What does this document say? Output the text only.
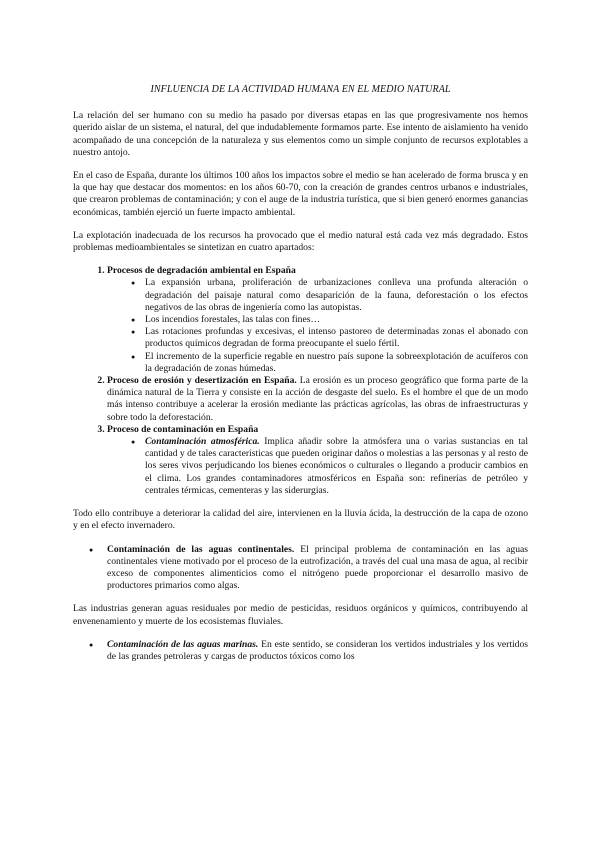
INFLUENCIA DE LA ACTIVIDAD HUMANA EN EL MEDIO NATURAL

La relación del ser humano con su medio ha pasado por diversas etapas en las que progresivamente nos hemos querido aislar de un sistema, el natural, del que indudablemente formamos parte. Ese intento de aislamiento ha venido acompañado de una concepción de la naturaleza y sus elementos como un simple conjunto de recursos explotables a nuestro antojo.

En el caso de España, durante los últimos 100 años los impactos sobre el medio se han acelerado de forma brusca y en la que hay que destacar dos momentos: en los años 60-70, con la creación de grandes centros urbanos e industriales, que crearon problemas de contaminación; y con el auge de la industria turística, que si bien generó enormes ganancias económicas, también ejerció un fuerte impacto ambiental.

La explotación inadecuada de los recursos ha provocado que el medio natural está cada vez más degradado. Estos problemas medioambientales se sintetizan en cuatro apartados:

1. Procesos de degradación ambiental en España
● La expansión urbana, proliferación de urbanizaciones conlleva una profunda alteración o degradación del paisaje natural como desaparición de la fauna, deforestación o los efectos negativos de las obras de ingeniería como las autopistas.
● Los incendios forestales, las talas con fines…
● Las rotaciones profundas y excesivas, el intenso pastoreo de determinadas zonas el abonado con productos químicos degradan de forma preocupante el suelo fértil.
● El incremento de la superficie regable en nuestro país supone la sobreexplotación de acuíferos con la degradación de zonas húmedas.
2. Proceso de erosión y desertización en España. La erosión es un proceso geográfico que forma parte de la dinámica natural de la Tierra y consiste en la acción de desgaste del suelo. Es el hombre el que de un modo más intenso contribuye a acelerar la erosión mediante las prácticas agrícolas, las obras de infraestructuras y sobre todo la deforestación.
3. Proceso de contaminación en España
● Contaminación atmosférica. Implica añadir sobre la atmósfera una o varias sustancias en tal cantidad y de tales características que pueden originar daños o molestias a las personas y al resto de los seres vivos perjudicando los bienes económicos o culturales o llegando a producir cambios en el clima. Los grandes contaminadores atmosféricos en España son: refinerías de petróleo y centrales térmicas, cementeras y las siderurgias.

Todo ello contribuye a deteriorar la calidad del aire, intervienen en la lluvia ácida, la destrucción de la capa de ozono y en el efecto invernadero.

● Contaminación de las aguas continentales. El principal problema de contaminación en las aguas continentales viene motivado por el proceso de la eutrofización, a través del cual una masa de agua, al recibir exceso de componentes alimenticios como el nitrógeno puede proporcionar el desarrollo masivo de productores primarios como algas.

Las industrias generan aguas residuales por medio de pesticidas, residuos orgánicos y químicos, contribuyendo al envenenamiento y muerte de los ecosistemas fluviales.

● Contaminación de las aguas marinas. En este sentido, se consideran los vertidos industriales y los vertidos de las grandes petroleras y cargas de productos tóxicos como los
